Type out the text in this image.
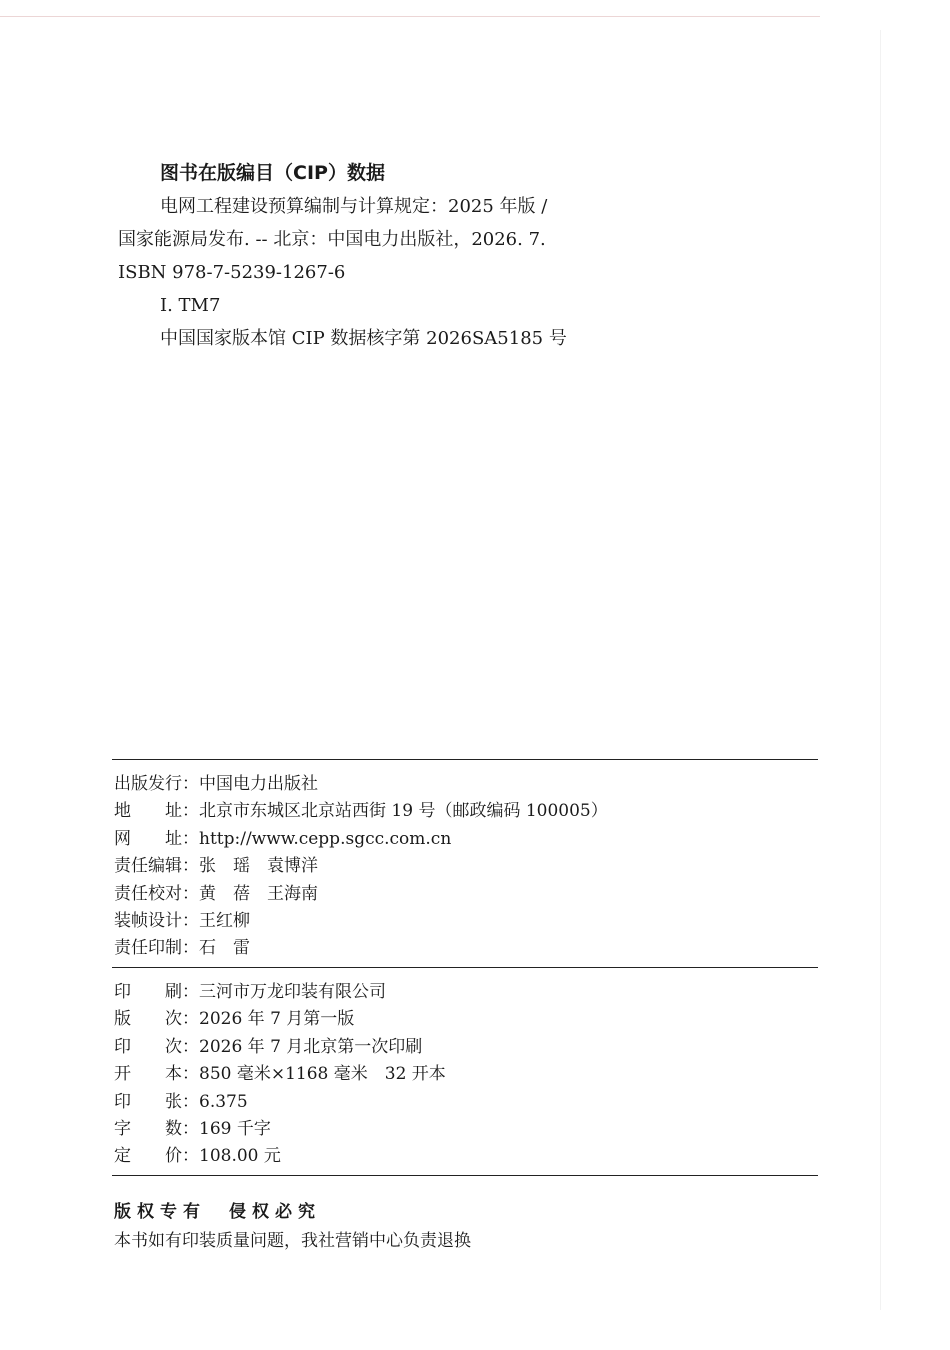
图书在版编目（CIP）数据
电网工程建设预算编制与计算规定：2025 年版 /
国家能源局发布. -- 北京：中国电力出版社，2026. 7.
ISBN 978-7-5239-1267-6
Ⅰ. TM7
中国国家版本馆 CIP 数据核字第 2026SA5185 号
出版发行：中国电力出版社
地　　址：北京市东城区北京站西街 19 号（邮政编码 100005）
网　　址：http://www.cepp.sgcc.com.cn
责任编辑：张　瑶　袁博洋
责任校对：黄　蓓　王海南
装帧设计：王红柳
责任印制：石　雷
印　　刷：三河市万龙印装有限公司
版　　次：2026 年 7 月第一版
印　　次：2026 年 7 月北京第一次印刷
开　　本：850 毫米×1168 毫米　32 开本
印　　张：6.375
字　　数：169 千字
定　　价：108.00 元
版权专有　侵权必究
本书如有印装质量问题，我社营销中心负责退换
